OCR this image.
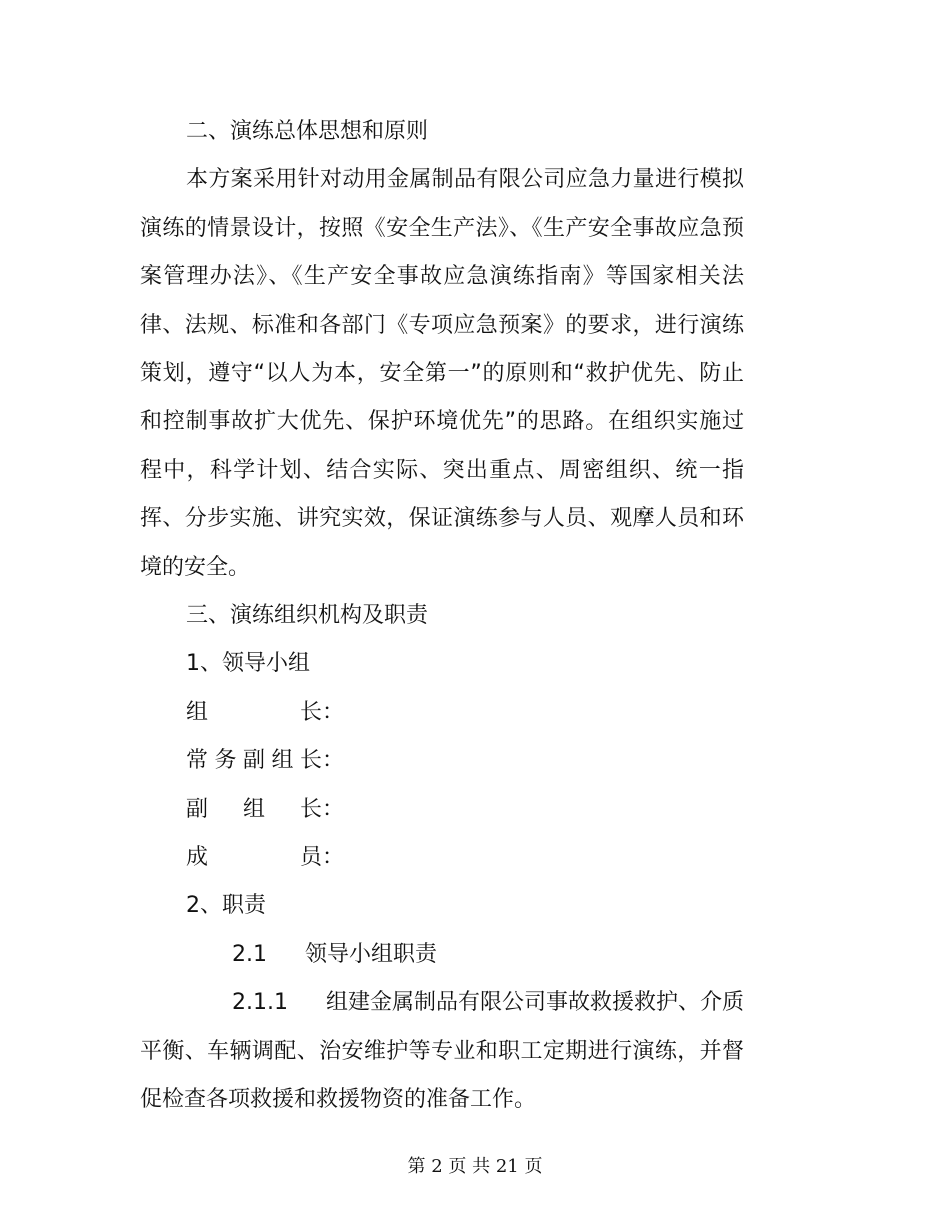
二、演练总体思想和原则

本方案采用针对动用金属制品有限公司应急力量进行模拟演练的情景设计，按照《安全生产法》、《生产安全事故应急预案管理办法》、《生产安全事故应急演练指南》等国家相关法律、法规、标准和各部门《专项应急预案》的要求，进行演练策划，遵守“以人为本，安全第一”的原则和“救护优先、防止和控制事故扩大优先、保护环境优先”的思路。在组织实施过程中，科学计划、结合实际、突出重点、周密组织、统一指挥、分步实施、讲究实效，保证演练参与人员、观摩人员和环境的安全。

三、演练组织机构及职责

1、领导小组

组长：

常务副组长：

副组长：

成员：

2、职责

2.1 领导小组职责

2.1.1 组建金属制品有限公司事故救援救护、介质平衡、车辆调配、治安维护等专业和职工定期进行演练，并督促检查各项救援和救援物资的准备工作。

第 2 页 共 21 页
